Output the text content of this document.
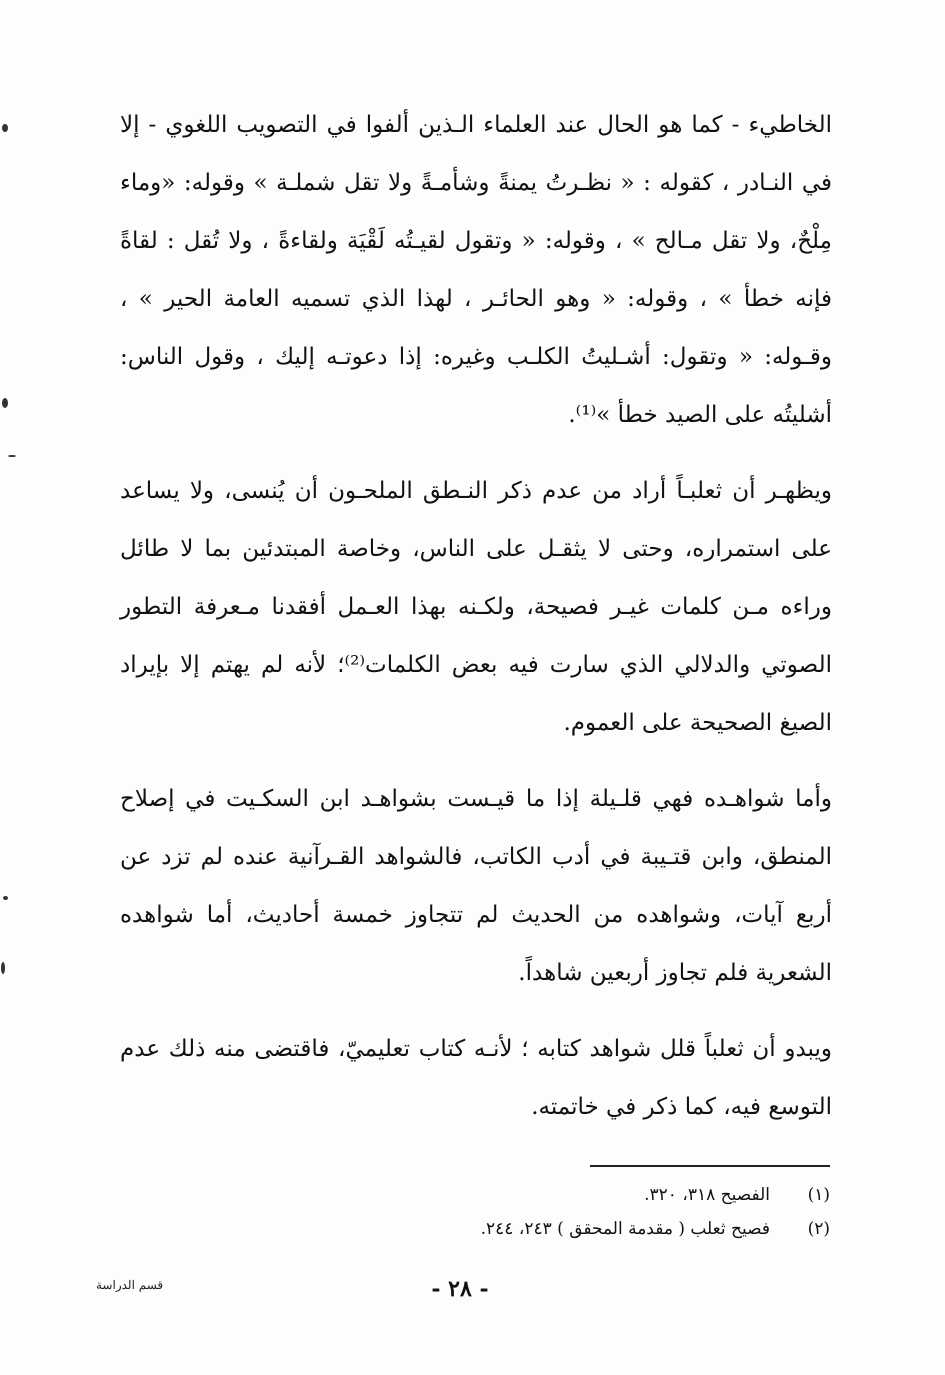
الخاطيء - كما هو الحال عند العلماء الـذين ألفوا في التصويب اللغوي - إلا في النـادر ، كقوله : « نظـرتُ يمنةً وشأمـةً ولا تقل شملـة » وقوله: «وماء مِلْحٌ، ولا تقل مـالح » ، وقوله: « وتقول لقيـتُه لَقْيَة ولقاءةً ، ولا تُقل : لقاةً فإنه خطأ » ، وقوله: « وهو الحائـر ، لهذا الذي تسميه العامة الحير » ، وقـوله: « وتقول: أشـليتُ الكلـب وغيره: إذا دعوتـه إليك ، وقول الناس: أشليتُه على الصيد خطأ »⁽¹⁾.

ويظهـر أن ثعلبـاً أراد من عدم ذكر النـطق الملحـون أن يُنسى، ولا يساعد على استمراره، وحتى لا يثقـل على الناس، وخاصة المبتدئين بما لا طائل وراءه مـن كلمات غيـر فصيحة، ولكـنه بهذا العـمل أفقدنا مـعرفة التطور الصوتي والدلالي الذي سارت فيه بعض الكلمات⁽²⁾؛ لأنه لم يهتم إلا بإيراد الصيغ الصحيحة على العموم.

وأما شواهـده فهي قلـيلة إذا ما قيـست بشواهـد ابن السكـيت في إصلاح المنطق، وابن قتـيبة في أدب الكاتب، فالشواهد القـرآنية عنده لم تزد عن أربع آيات، وشواهده من الحديث لم تتجاوز خمسة أحاديث، أما شواهده الشعرية فلم تجاوز أربعين شاهداً.

ويبدو أن ثعلباً قلل شواهد كتابه ؛ لأنـه كتاب تعليميّ، فاقتضى منه ذلك عدم التوسع فيه، كما ذكر في خاتمته.

(١)
الفصيح ٣١٨، ٣٢٠.
(٢)
فصيح ثعلب ( مقدمة المحقق ) ٢٤٣، ٢٤٤.
قسم الدراسة	- ٢٨ -
